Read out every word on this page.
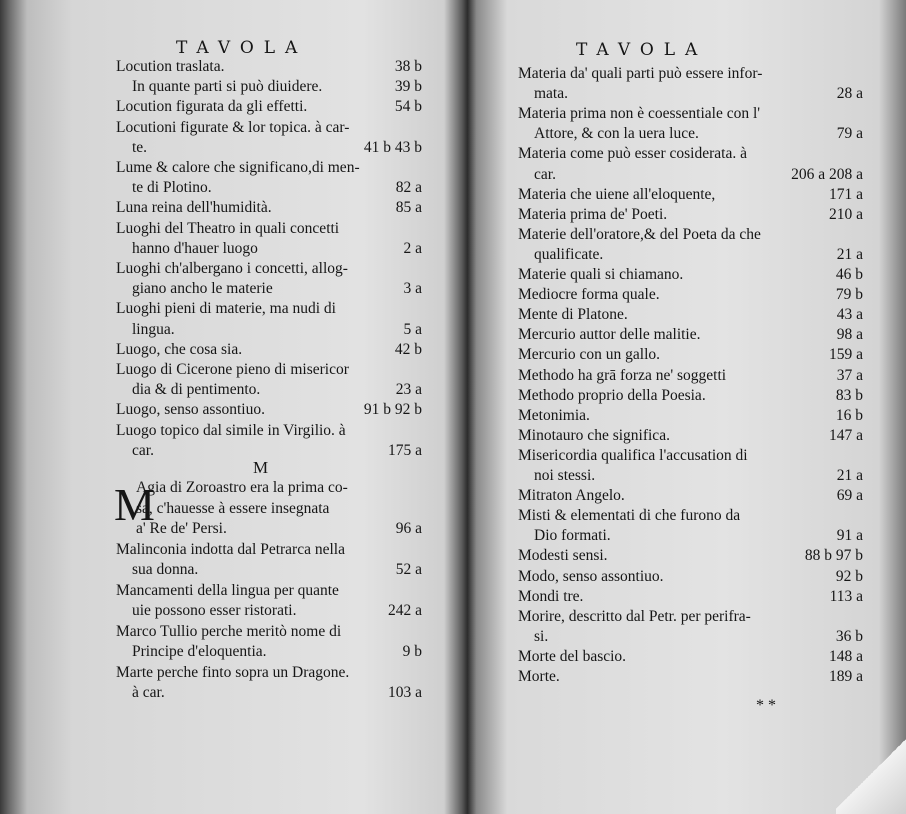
TAVOLA
Locution traslata.	38 b
In quante parti si può diuidere.	39 b
Locution figurata da gli effetti.	54 b
Locutioni figurate & lor topica. à car-
te.	41 b 43 b
Lume & calore che significano,di men-
te di Plotino.	82 a
Luna reina dell'humidità.	85 a
Luoghi del Theatro in quali concetti
hanno d'hauer luogo	2 a
Luoghi ch'albergano i concetti, allog-
giano ancho le materie	3 a
Luoghi pieni di materie, ma nudi di
lingua.	5 a
Luogo, che cosa sia.	42 b
Luogo di Cicerone pieno di misericor
dia & di pentimento.	23 a
Luogo, senso assontiuo.	91 b 92 b
Luogo topico dal simile in Virgilio. à
car.	175 a
M
M
Agia di Zoroastro era la prima co-
sa, c'hauesse à essere insegnata
a' Re de' Persi.	96 a
Malinconia indotta dal Petrarca nella
sua donna.	52 a
Mancamenti della lingua per quante
uie possono esser ristorati.	242 a
Marco Tullio perche meritò nome di
Principe d'eloquentia.	9 b
Marte perche finto sopra un Dragone.
à car.	103 a
TAVOLA
Materia da' quali parti può essere infor-
mata.	28 a
Materia prima non è coessentiale con l'
Attore, & con la uera luce.	79 a
Materia come può esser cosiderata. à
car.	206 a 208 a
Materia che uiene all'eloquente,	171 a
Materia prima de' Poeti.	210 a
Materie dell'oratore,& del Poeta da che
qualificate.	21 a
Materie quali si chiamano.	46 b
Mediocre forma quale.	79 b
Mente di Platone.	43 a
Mercurio auttor delle malitie.	98 a
Mercurio con un gallo.	159 a
Methodo ha grā forza ne' soggetti	37 a
Methodo proprio della Poesia.	83 b
Metonimia.	16 b
Minotauro che significa.	147 a
Misericordia qualifica l'accusation di
noi stessi.	21 a
Mitraton Angelo.	69 a
Misti & elementati di che furono da
Dio formati.	91 a
Modesti sensi.	88 b 97 b
Modo, senso assontiuo.	92 b
Mondi tre.	113 a
Morire, descritto dal Petr. per perifra-
si.	36 b
Morte del bascio.	148 a
Morte.	189 a
**
